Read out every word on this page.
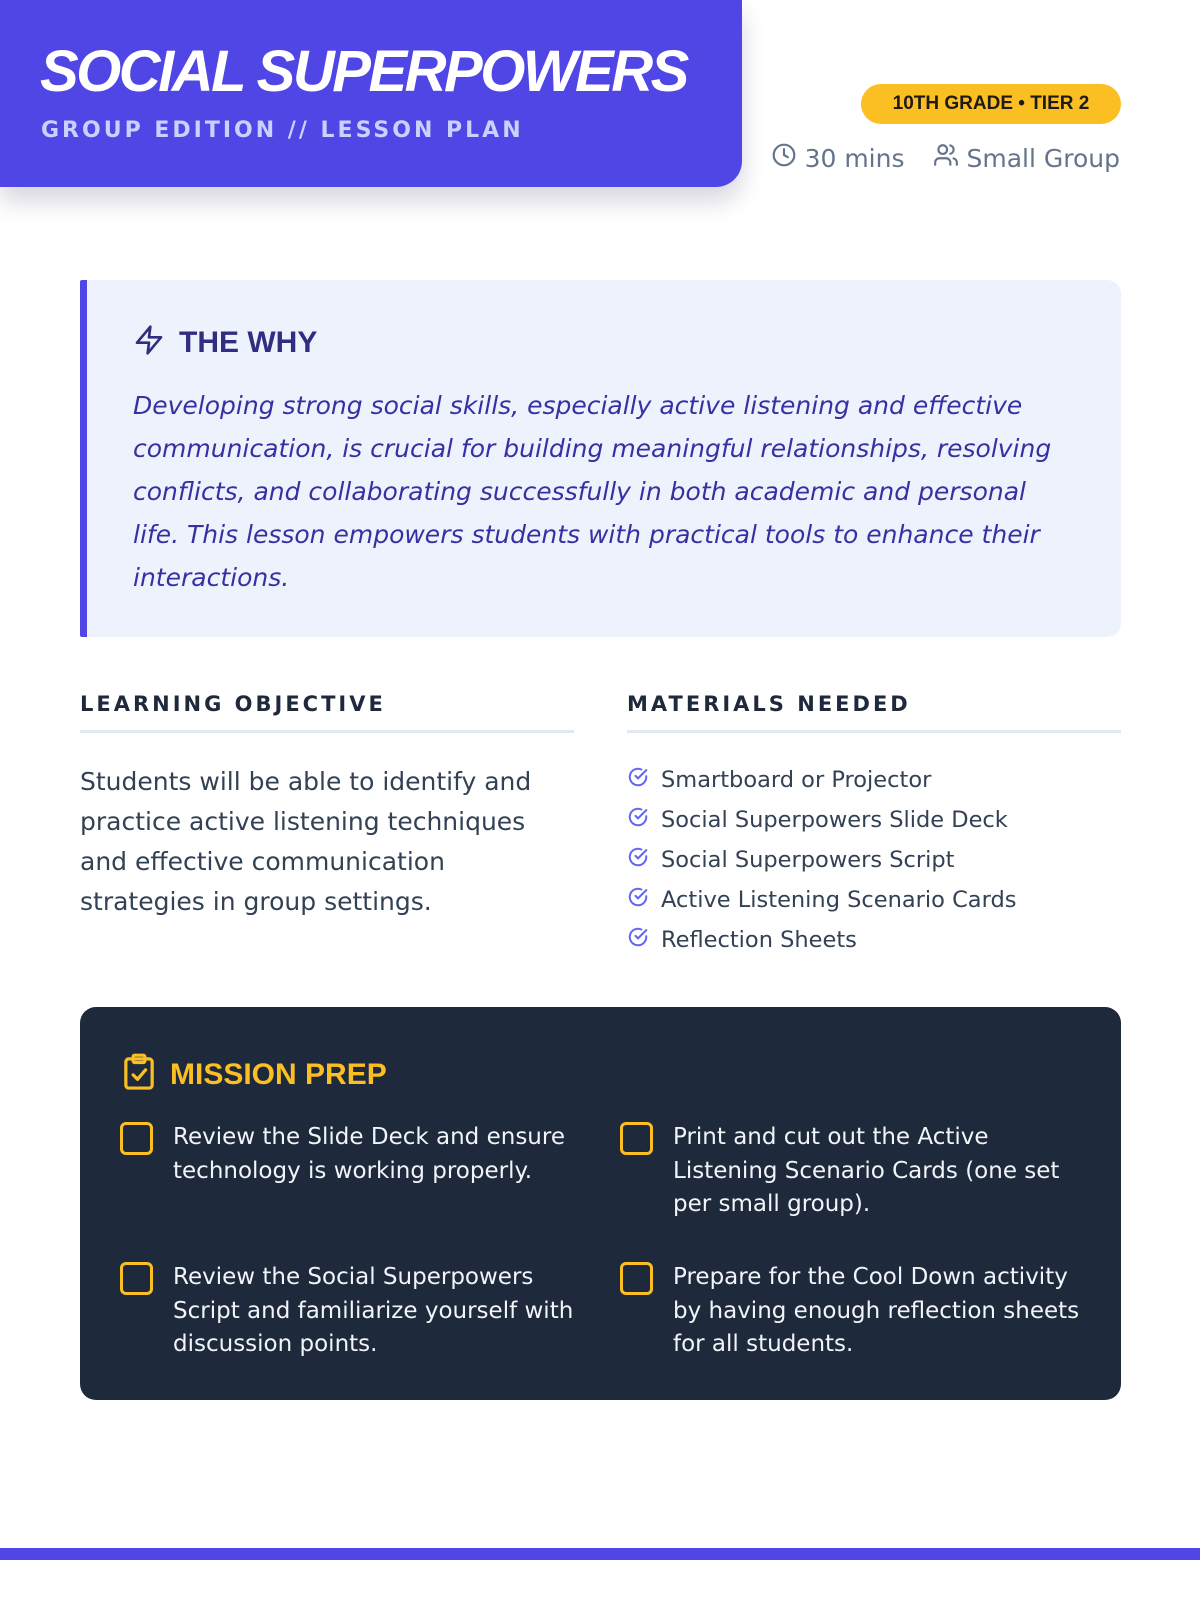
SOCIAL SUPERPOWERS
GROUP EDITION // LESSON PLAN
10TH GRADE • TIER 2
30 mins Small Group
THE WHY

Developing strong social skills, especially active listening and effective communication, is crucial for building meaningful relationships, resolving conflicts, and collaborating successfully in both academic and personal life. This lesson empowers students with practical tools to enhance their interactions.

LEARNING OBJECTIVE

Students will be able to identify and practice active listening techniques and effective communication strategies in group settings.

MATERIALS NEEDED
Smartboard or Projector
Social Superpowers Slide Deck
Social Superpowers Script
Active Listening Scenario Cards
Reflection Sheets
MISSION PREP
Review the Slide Deck and ensure technology is working properly.
Print and cut out the Active Listening Scenario Cards (one set per small group).
Review the Social Superpowers Script and familiarize yourself with discussion points.
Prepare for the Cool Down activity by having enough reflection sheets for all students.
